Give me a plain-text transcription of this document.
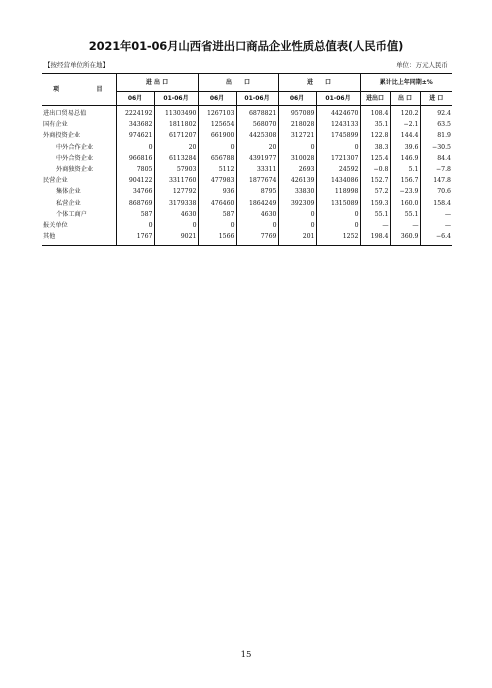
2021年01-06月山西省进出口商品企业性质总值表(人民币值)
【按经营单位所在地】	单位：万元人民币
项 目	进 出 口		出　　口		进　　口		累计比上年同期±%		
	06月	01-06月	06月	01-06月	06月	01-06月	进出口	出 口	进 口
进出口贸易总值	2224192	11303490	1267103	6878821	957089	4424670	108.4	120.2	92.4
国有企业	343682	1811802	125654	568070	218028	1243133	35.1	−2.1	63.5
外商投资企业	974621	6171207	661900	4425308	312721	1745899	122.8	144.4	81.9
中外合作企业	0	20	0	20	0	0	38.3	39.6	−30.5
中外合资企业	966816	6113284	656788	4391977	310028	1721307	125.4	146.9	84.4
外商独资企业	7805	57903	5112	33311	2693	24592	−0.8	5.1	−7.8
民营企业	904122	3311760	477983	1877674	426139	1434086	152.7	156.7	147.8
集体企业	34766	127792	936	8795	33830	118998	57.2	−23.9	70.6
私营企业	868769	3179338	476460	1864249	392309	1315089	159.3	160.0	158.4
个体工商户	587	4630	587	4630	0	0	55.1	55.1	—
报关单位	0	0	0	0	0	0	—	—	—
其他	1767	9021	1566	7769	201	1252	198.4	360.9	−6.4
15
